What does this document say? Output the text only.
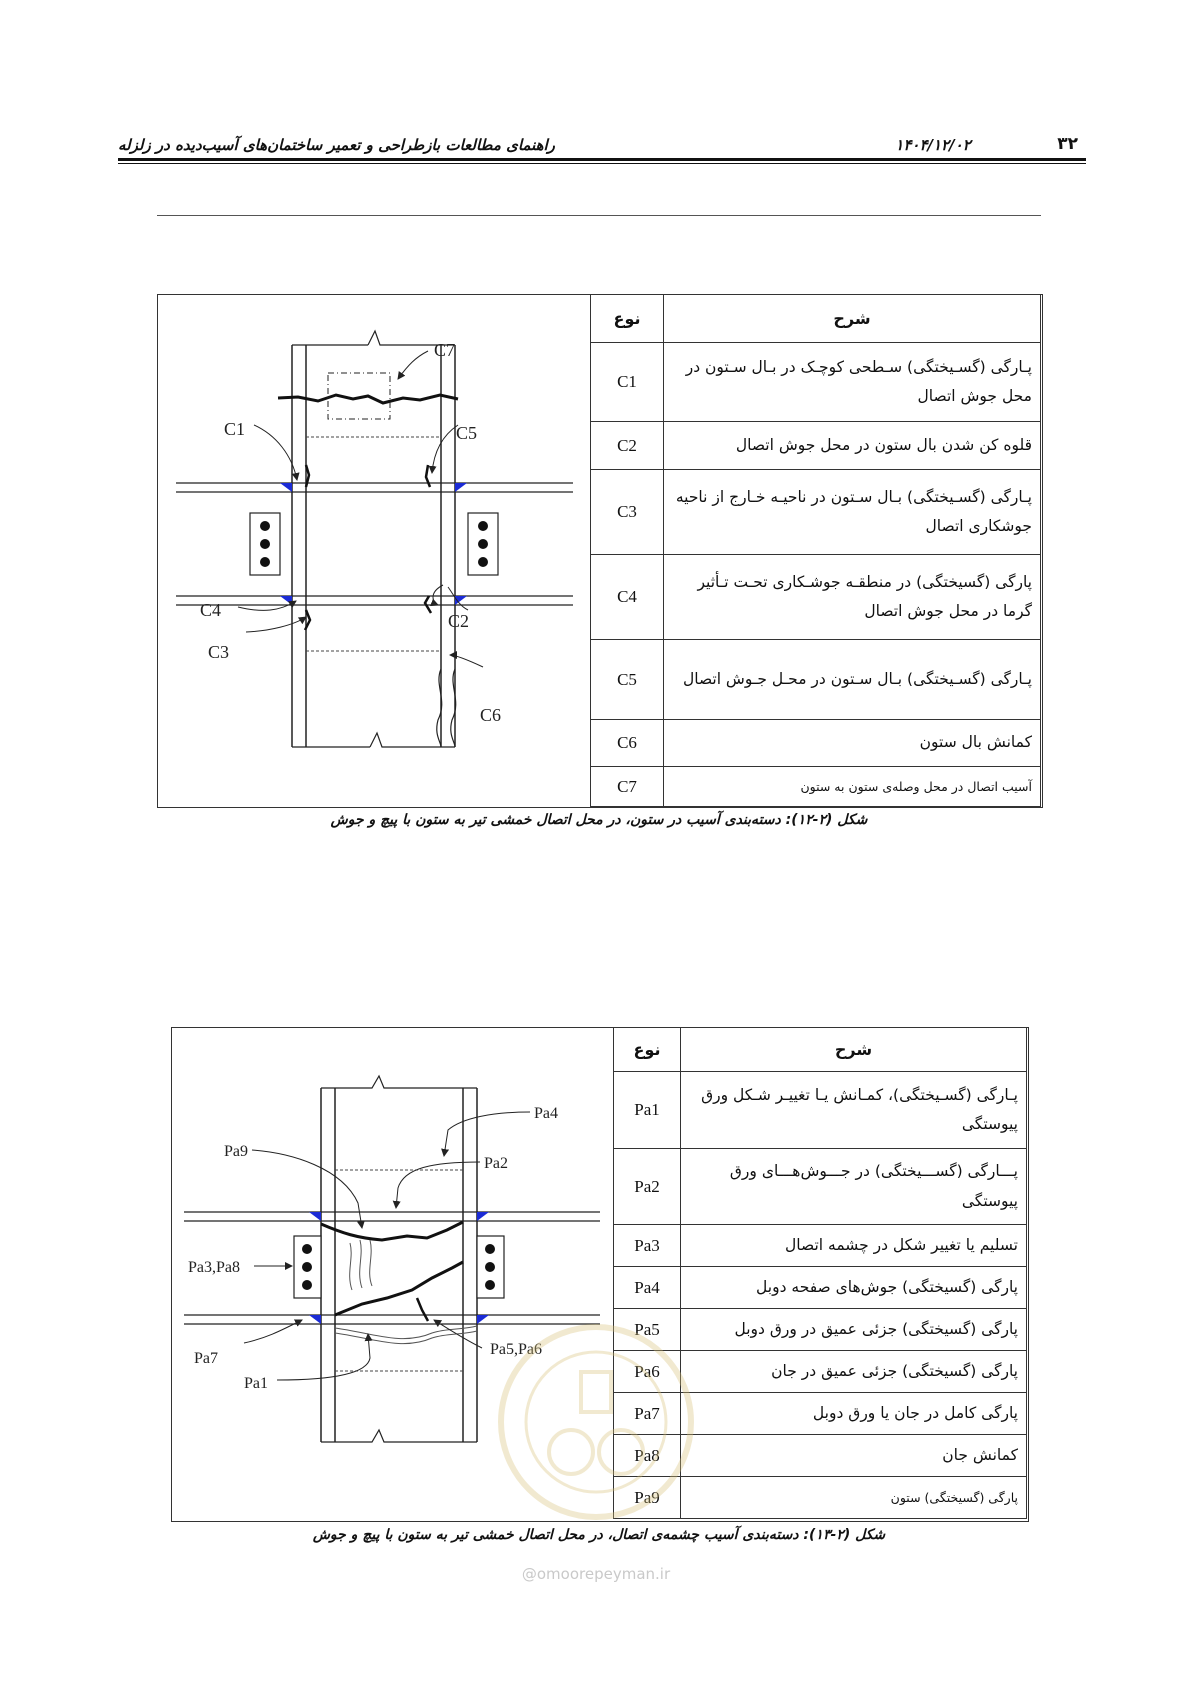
۳۲
۱۴۰۴/۱۲/۰۲
راهنمای مطالعات بازطراحی و تعمیر ساختمان‌های آسیب‌دیده در زلزله
C7
C1	C5
C4
C2
C3
C6
شرح	نوع
پـارگی (گسـیختگی) سـطحی کوچـک در بـال سـتون در محل جوش اتصال	C1
قلوه کن شدن بال ستون در محل جوش اتصال	C2
پـارگی (گسـیختگی) بـال سـتون در ناحیـه خـارج از ناحیه جوشکاری اتصال	C3
پارگی (گسیختگی) در منطقـه جوشـکاری تحـت تـأثیر گرما در محل جوش اتصال	C4
پـارگی (گسـیختگی) بـال سـتون در محـل جـوش اتصال	C5
کمانش بال ستون	C6
آسیب اتصال در محل وصله‌ی ستون به ستون	C7
شکل (۲-۱۲): دسته‌بندی آسیب در ستون، در محل اتصال خمشی تیر به ستون با پیچ و جوش
Pa4
Pa9
Pa2
Pa3,Pa8
Pa5,Pa6
Pa7
Pa1
شرح	نوع
پـارگی (گسـیختگی)، کمـانش یـا تغییـر شـکل ورق پیوستگی	Pa1
پـــارگی (گســـیختگی) در جـــوش‌هـــای ورق پیوستگی	Pa2
تسلیم یا تغییر شکل در چشمه اتصال	Pa3
پارگی (گسیختگی) جوش‌های صفحه دوبل	Pa4
پارگی (گسیختگی) جزئی عمیق در ورق دوبل	Pa5
پارگی (گسیختگی) جزئی عمیق در جان	Pa6
پارگی کامل در جان یا ورق دوبل	Pa7
کمانش جان	Pa8
پارگی (گسیختگی) ستون	Pa9
شکل (۲-۱۳): دسته‌بندی آسیب چشمه‌ی اتصال، در محل اتصال خمشی تیر به ستون با پیچ و جوش
@omoorepeyman.ir
